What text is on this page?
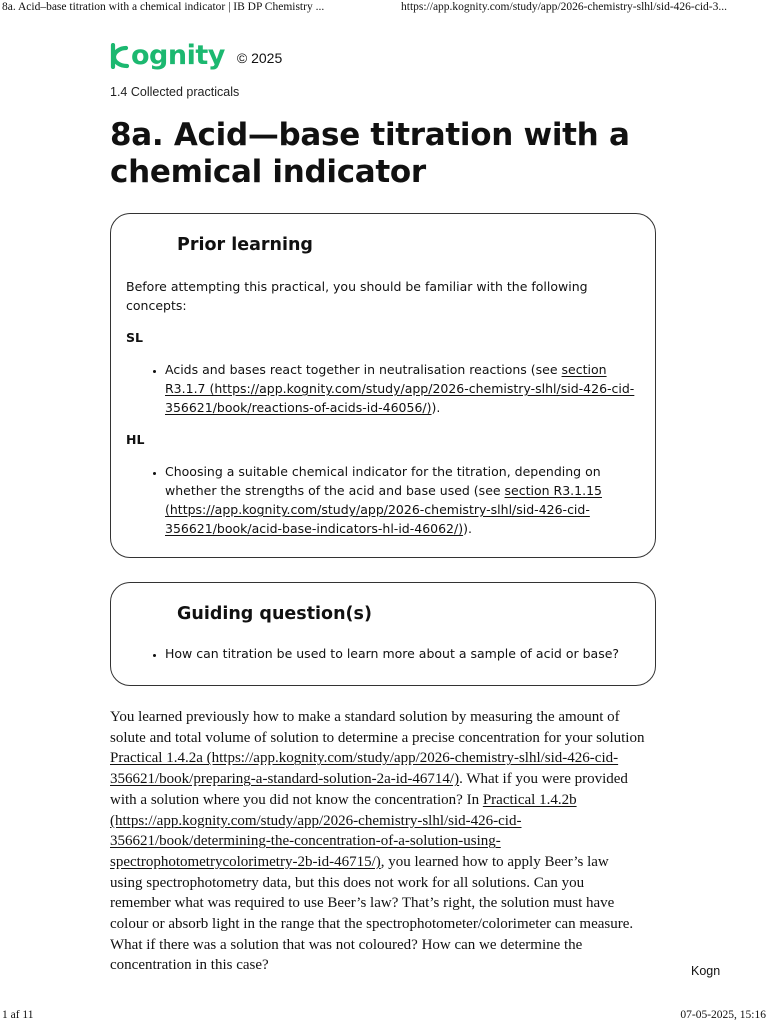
8a. Acid–base titration with a chemical indicator | IB DP Chemistry ...	https://app.kognity.com/study/app/2026-chemistry-slhl/sid-426-cid-3...
ognity © 2025
1.4 Collected practicals
8a. Acid—base titration with a chemical indicator
Prior learning

Before attempting this practical, you should be familiar with the following concepts:

SL

• Acids and bases react together in neutralisation reactions (see section R3.1.7 (https://app.kognity.com/study/app/2026-chemistry-slhl/sid-426-cid-356621/book/reactions-of-acids-id-46056/)).

HL

• Choosing a suitable chemical indicator for the titration, depending on whether the strengths of the acid and base used (see section R3.1.15 (https://app.kognity.com/study/app/2026-chemistry-slhl/sid-426-cid-356621/book/acid-base-indicators-hl-id-46062/)).
Guiding question(s)
• How can titration be used to learn more about a sample of acid or base?

You learned previously how to make a standard solution by measuring the amount of solute and total volume of solution to determine a precise concentration for your solution Practical 1.4.2a (https://app.kognity.com/study/app/2026-chemistry-slhl/sid-426-cid-356621/book/preparing-a-standard-solution-2a-id-46714/). What if you were provided with a solution where you did not know the concentration? In Practical 1.4.2b (https://app.kognity.com/study/app/2026-chemistry-slhl/sid-426-cid-356621/book/determining-the-concentration-of-a-solution-using-spectrophotometrycolorimetry-2b-id-46715/), you learned how to apply Beer’s law using spectrophotometry data, but this does not work for all solutions. Can you remember what was required to use Beer’s law? That’s right, the solution must have colour or absorb light in the range that the spectrophotometer/colorimeter can measure. What if there was a solution that was not coloured? How can we determine the concentration in this case?	Kogn
1 af 11	07-05-2025, 15:16
